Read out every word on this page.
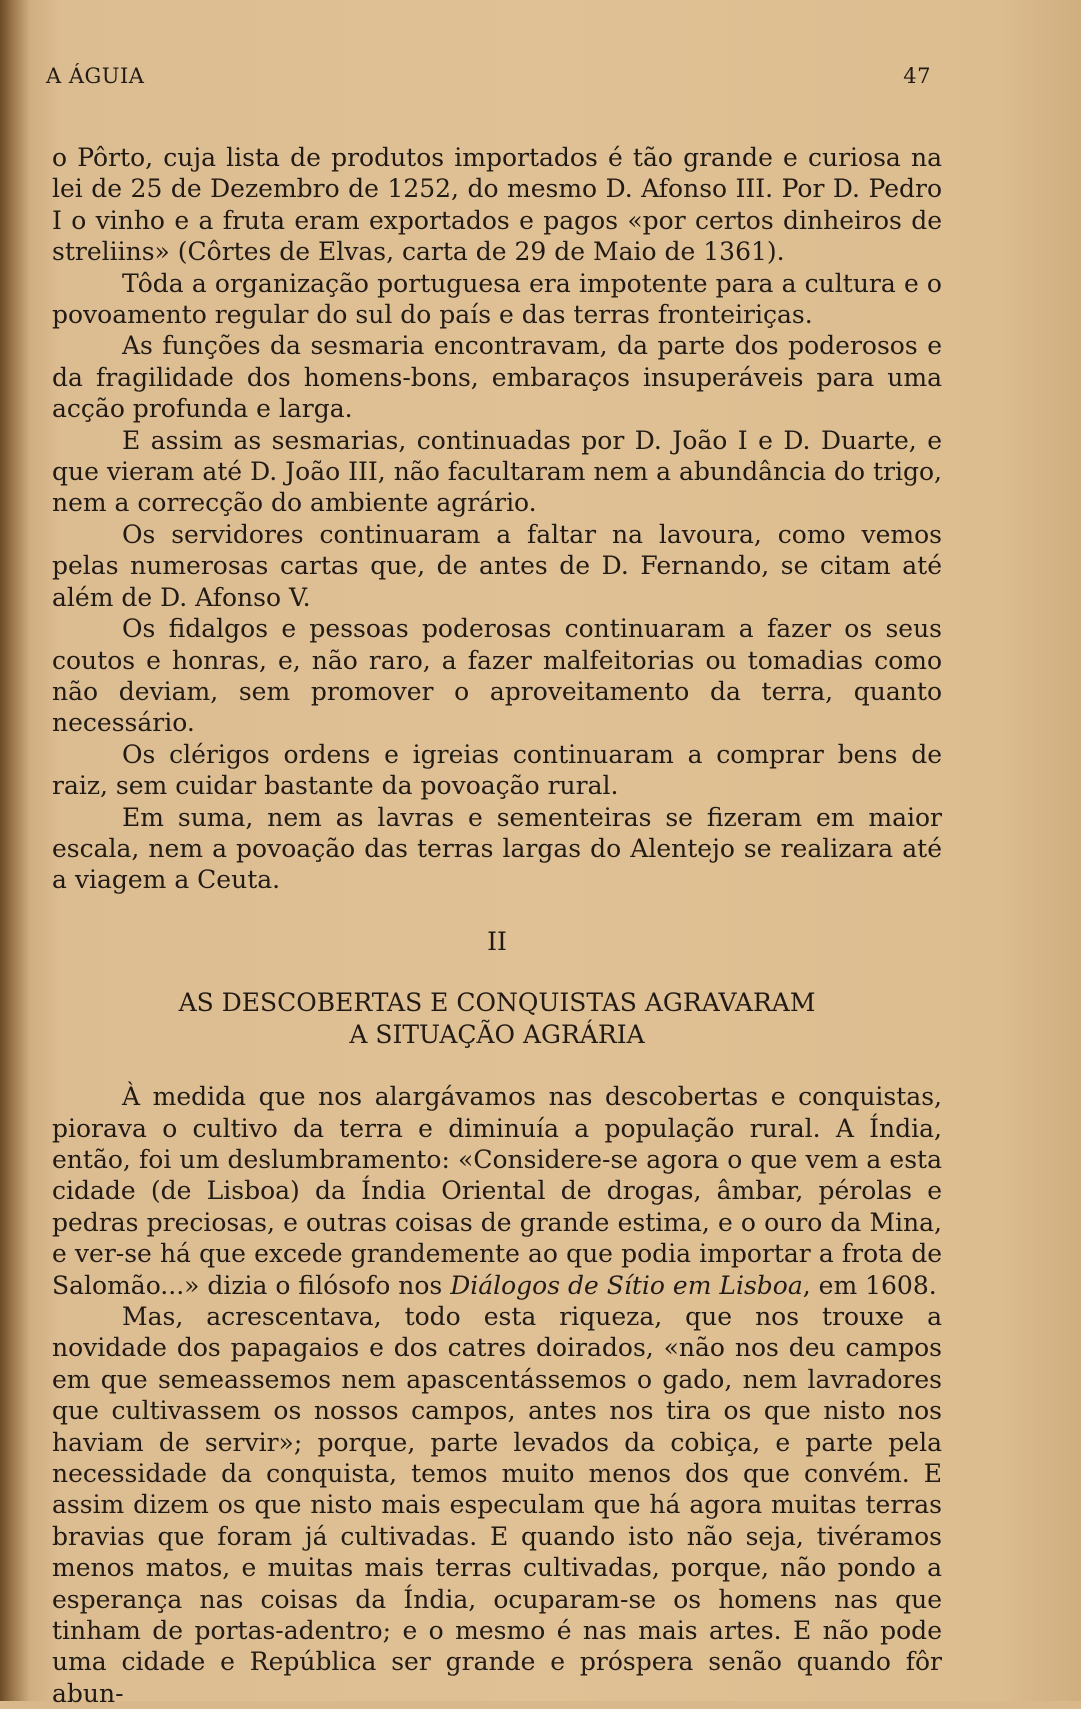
A ÁGUIA	47

o Pôrto, cuja lista de produtos importados é tão grande e curiosa na lei de 25 de Dezembro de 1252, do mesmo D. Afonso III. Por D. Pedro I o vinho e a fruta eram exportados e pagos «por certos dinheiros de streliins» (Côrtes de Elvas, carta de 29 de Maio de 1361).

Tôda a organização portuguesa era impotente para a cultura e o povoamento regular do sul do país e das terras fronteiriças.

As funções da sesmaria encontravam, da parte dos poderosos e da fragilidade dos homens-bons, embaraços insuperáveis para uma acção profunda e larga.

E assim as sesmarias, continuadas por D. João I e D. Duarte, e que vieram até D. João III, não facultaram nem a abundância do trigo, nem a correcção do ambiente agrário.

Os servidores continuaram a faltar na lavoura, como vemos pelas numerosas cartas que, de antes de D. Fernando, se citam até além de D. Afonso V.

Os fidalgos e pessoas poderosas continuaram a fazer os seus coutos e honras, e, não raro, a fazer malfeitorias ou tomadias como não deviam, sem promover o aproveitamento da terra, quanto necessário.

Os clérigos ordens e igreias continuaram a comprar bens de raiz, sem cuidar bastante da povoação rural.

Em suma, nem as lavras e sementeiras se fizeram em maior escala, nem a povoação das terras largas do Alentejo se realizara até a viagem a Ceuta.

II
AS DESCOBERTAS E CONQUISTAS AGRAVARAM
A SITUAÇÃO AGRÁRIA

À medida que nos alargávamos nas descobertas e conquistas, piorava o cultivo da terra e diminuía a população rural. A Índia, então, foi um deslumbramento: «Considere-se agora o que vem a esta cidade (de Lisboa) da Índia Oriental de drogas, âmbar, pérolas e pedras preciosas, e outras coisas de grande estima, e o ouro da Mina, e ver-se há que excede grandemente ao que podia importar a frota de Salomão...» dizia o filósofo nos Diálogos de Sítio em Lisboa, em 1608.

Mas, acrescentava, todo esta riqueza, que nos trouxe a novidade dos papagaios e dos catres doirados, «não nos deu campos em que semeassemos nem apascentássemos o gado, nem lavradores que cultivassem os nossos campos, antes nos tira os que nisto nos haviam de servir»; porque, parte levados da cobiça, e parte pela necessidade da conquista, temos muito menos dos que convém. E assim dizem os que nisto mais especulam que há agora muitas terras bravias que foram já cultivadas. E quando isto não seja, tivéramos menos matos, e muitas mais terras cultivadas, porque, não pondo a esperança nas coisas da Índia, ocuparam-se os homens nas que tinham de portas-adentro; e o mesmo é nas mais artes. E não pode uma cidade e República ser grande e próspera senão quando fôr abun-
